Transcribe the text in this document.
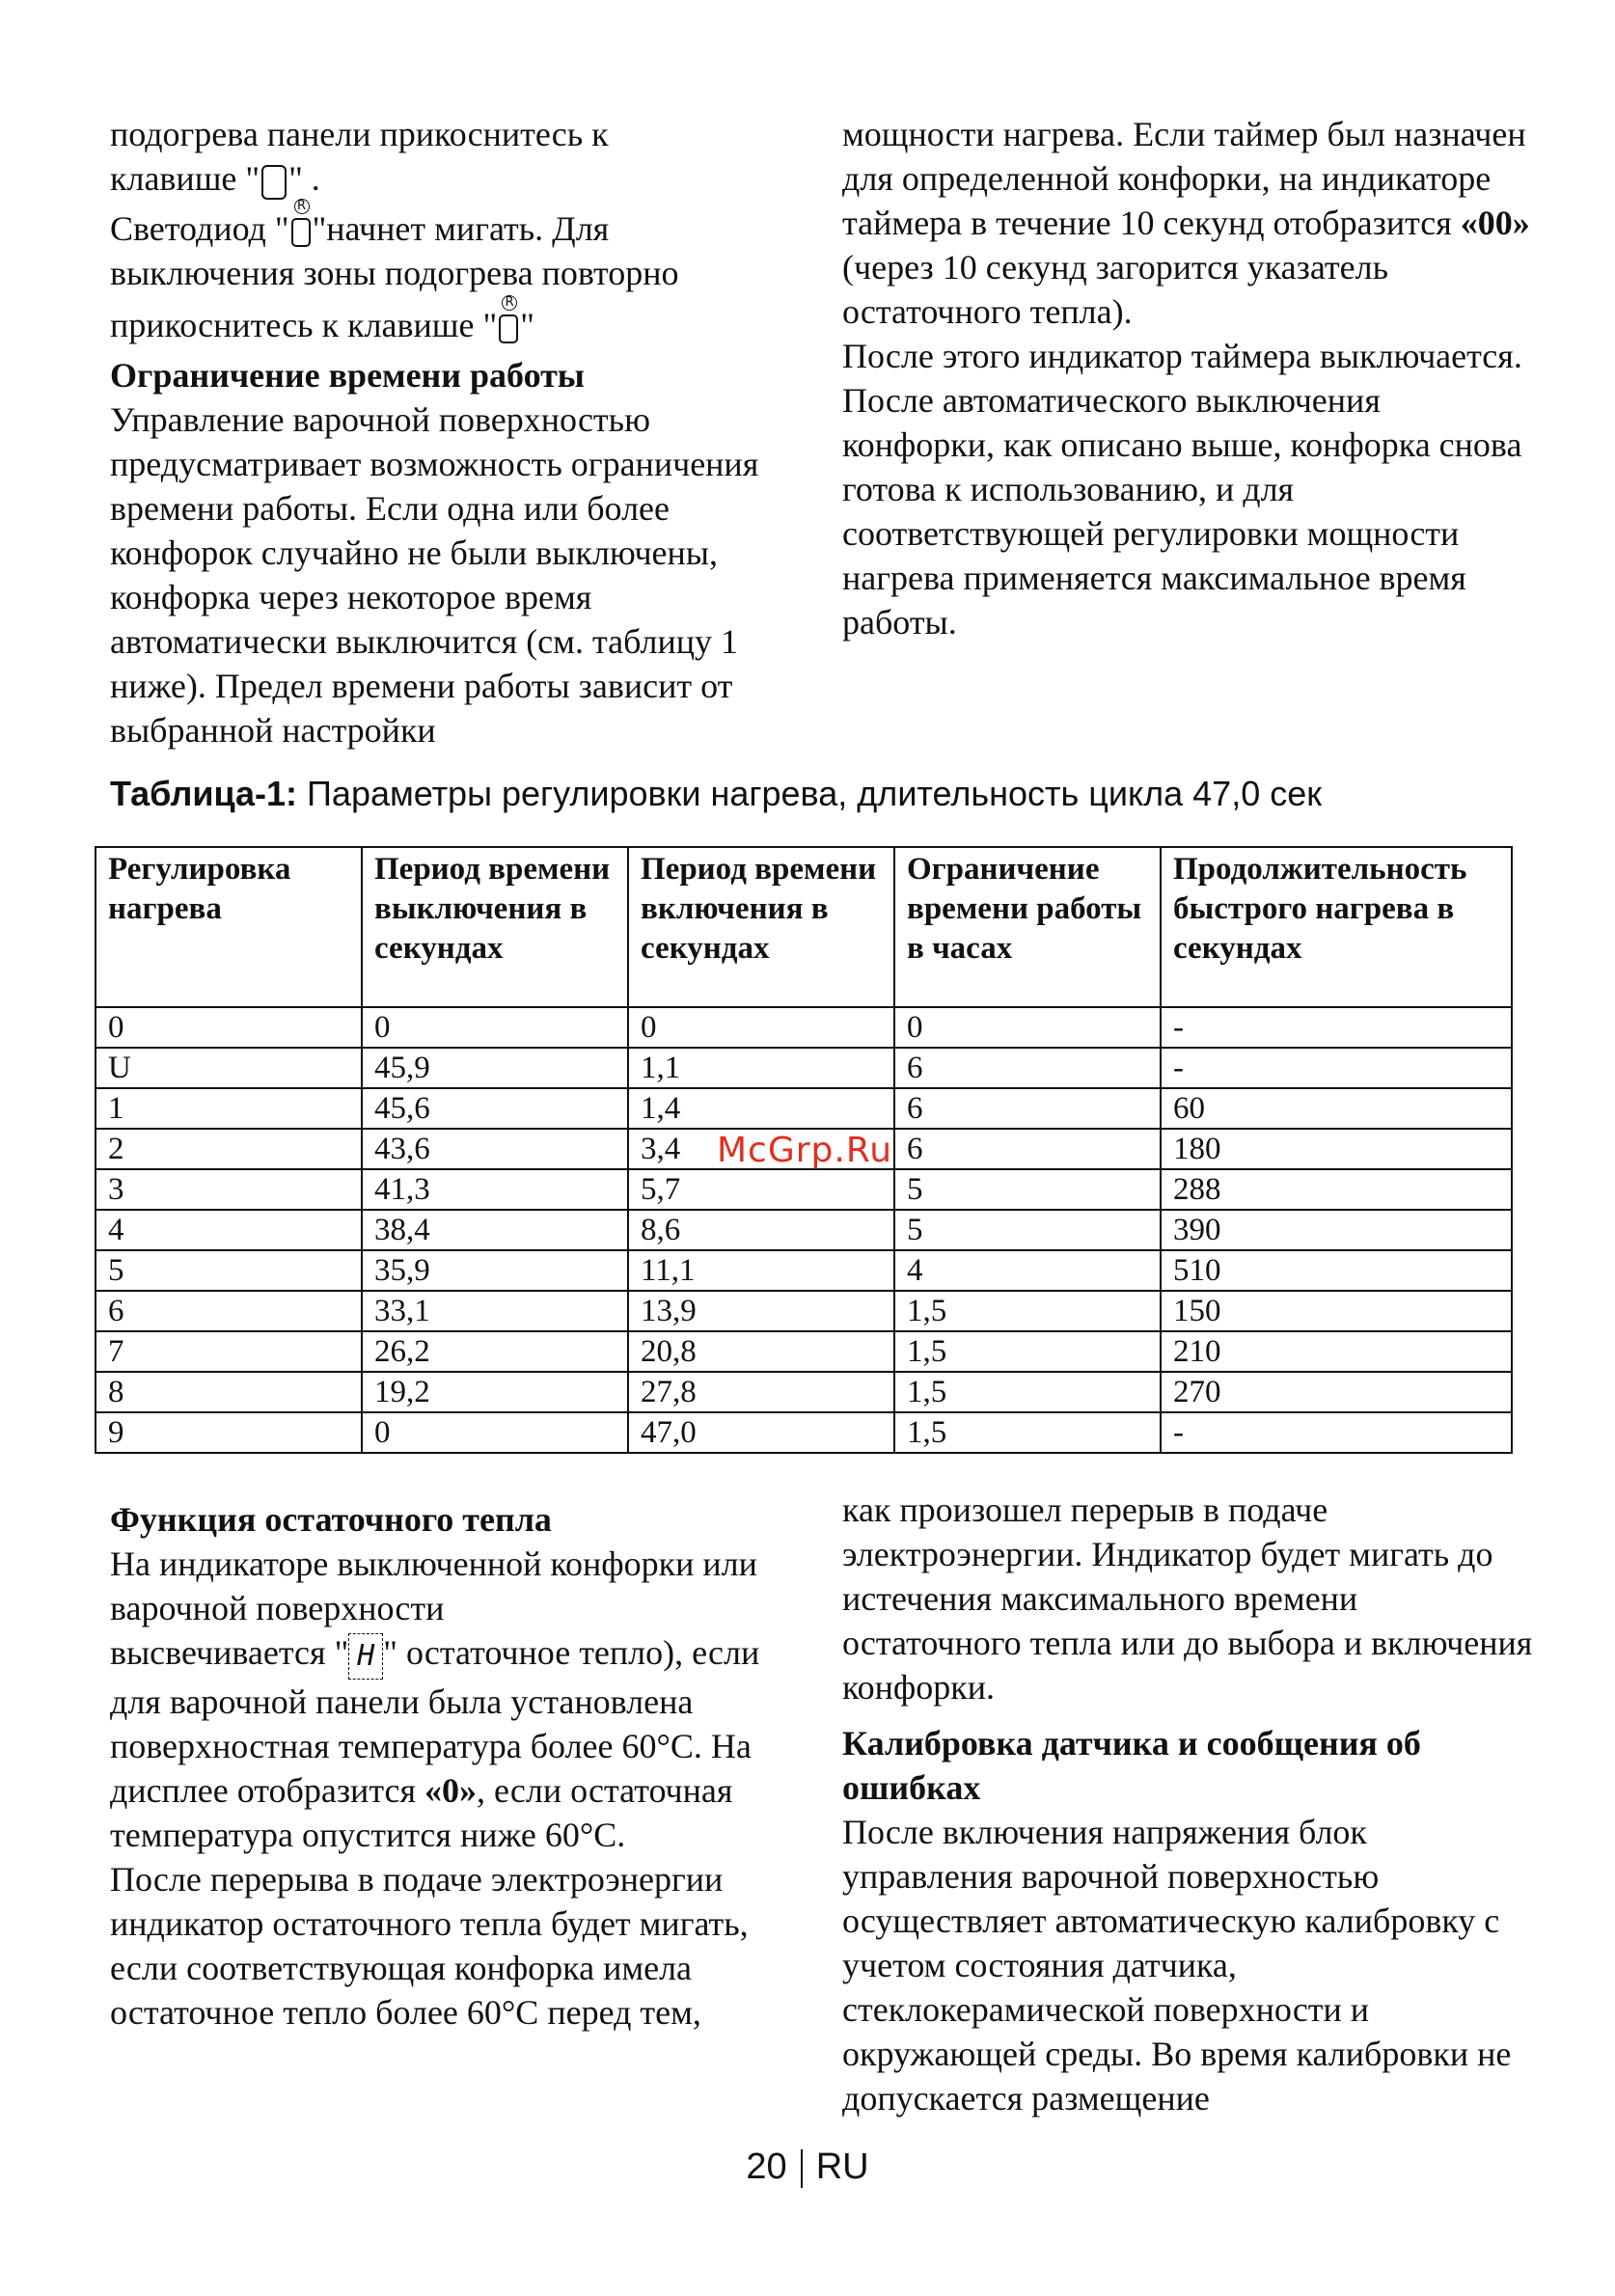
подогрева панели прикоснитесь к
клавише " " .

Светодиод "
R
"начнет мигать. Для
выключения зоны подогрева повторно
прикоснитесь к клавише "
R
"

Ограничение времени работы

Управление варочной поверхностью предусматривает возможность ограничения времени работы. Если одна или более конфорок случайно не были выключены, конфорка через некоторое время автоматически выключится (см. таблицу 1 ниже). Предел времени работы зависит от выбранной настройки

мощности нагрева. Если таймер был назначен для определенной конфорки, на индикаторе таймера в течение 10 секунд отобразится «00» (через 10 секунд загорится указатель остаточного тепла).

После этого индикатор таймера выключается.

После автоматического выключения конфорки, как описано выше, конфорка снова готова к использованию, и для соответствующей регулировки мощности нагрева применяется максимальное время работы.

Таблица-1: Параметры регулировки нагрева, длительность цикла 47,0 сек
Регулировка нагрева	Период времени выключения в секундах	Период времени включения в секундах	Ограничение времени работы в часах	Продолжительность быстрого нагрева в секундах
0	0	0	0	-
U	45,9	1,1	6	-
1	45,6	1,4	6	60
2	43,6	3,4	6	180
3	41,3	5,7	5	288
4	38,4	8,6	5	390
5	35,9	11,1	4	510
6	33,1	13,9	1,5	150
7	26,2	20,8	1,5	210
8	19,2	27,8	1,5	270
9	0	47,0	1,5	-
McGrp.Ru

Функция остаточного тепла

На индикаторе выключенной конфорки или варочной поверхности
высвечивается " H " остаточное тепло), если для варочной панели была установлена поверхностная температура более 60°С. На дисплее отобразится «0», если остаточная температура опустится ниже 60°С.

После перерыва в подаче электроэнергии индикатор остаточного тепла будет мигать, если соответствующая конфорка имела остаточное тепло более 60°С перед тем,

как произошел перерыв в подаче электроэнергии. Индикатор будет мигать до истечения максимального времени остаточного тепла или до выбора и включения конфорки.

Калибровка датчика и сообщения об ошибках

После включения напряжения блок управления варочной поверхностью осуществляет автоматическую калибровку с учетом состояния датчика, стеклокерамической поверхности и окружающей среды. Во время калибровки не допускается размещение

20 RU
